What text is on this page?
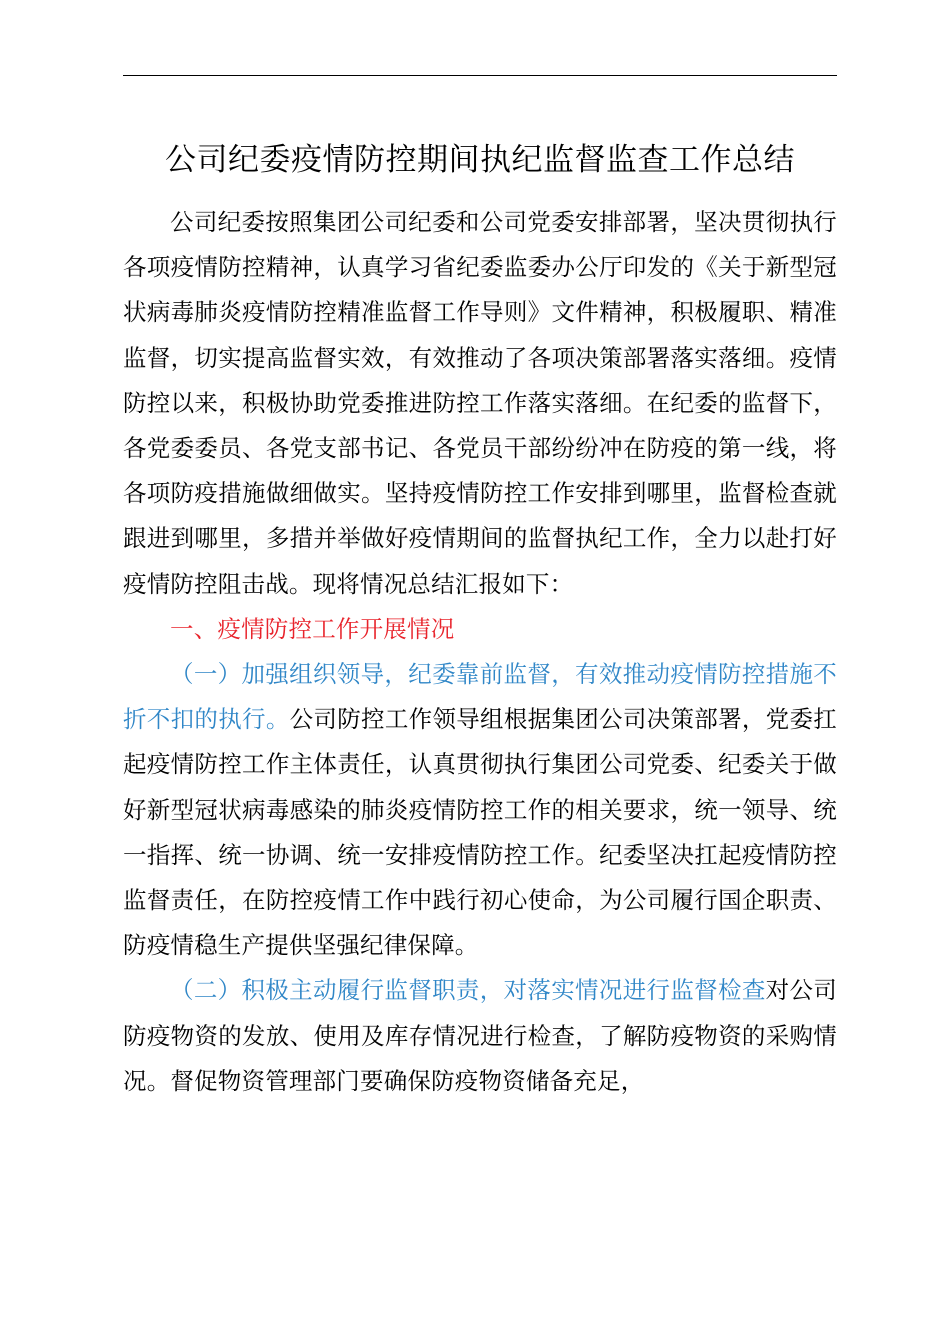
公司纪委疫情防控期间执纪监督监查工作总结

公司纪委按照集团公司纪委和公司党委安排部署，坚决贯彻执行各项疫情防控精神，认真学习省纪委监委办公厅印发的《关于新型冠状病毒肺炎疫情防控精准监督工作导则》文件精神，积极履职、精准监督，切实提高监督实效，有效推动了各项决策部署落实落细。疫情防控以来，积极协助党委推进防控工作落实落细。在纪委的监督下，各党委委员、各党支部书记、各党员干部纷纷冲在防疫的第一线，将各项防疫措施做细做实。坚持疫情防控工作安排到哪里，监督检查就跟进到哪里，多措并举做好疫情期间的监督执纪工作，全力以赴打好疫情防控阻击战。现将情况总结汇报如下：

一、疫情防控工作开展情况

（一）加强组织领导，纪委靠前监督，有效推动疫情防控措施不折不扣的执行。公司防控工作领导组根据集团公司决策部署，党委扛起疫情防控工作主体责任，认真贯彻执行集团公司党委、纪委关于做好新型冠状病毒感染的肺炎疫情防控工作的相关要求，统一领导、统一指挥、统一协调、统一安排疫情防控工作。纪委坚决扛起疫情防控监督责任，在防控疫情工作中践行初心使命，为公司履行国企职责、防疫情稳生产提供坚强纪律保障。

（二）积极主动履行监督职责，对落实情况进行监督检查对公司防疫物资的发放、使用及库存情况进行检查，了解防疫物资的采购情况。督促物资管理部门要确保防疫物资储备充足，
